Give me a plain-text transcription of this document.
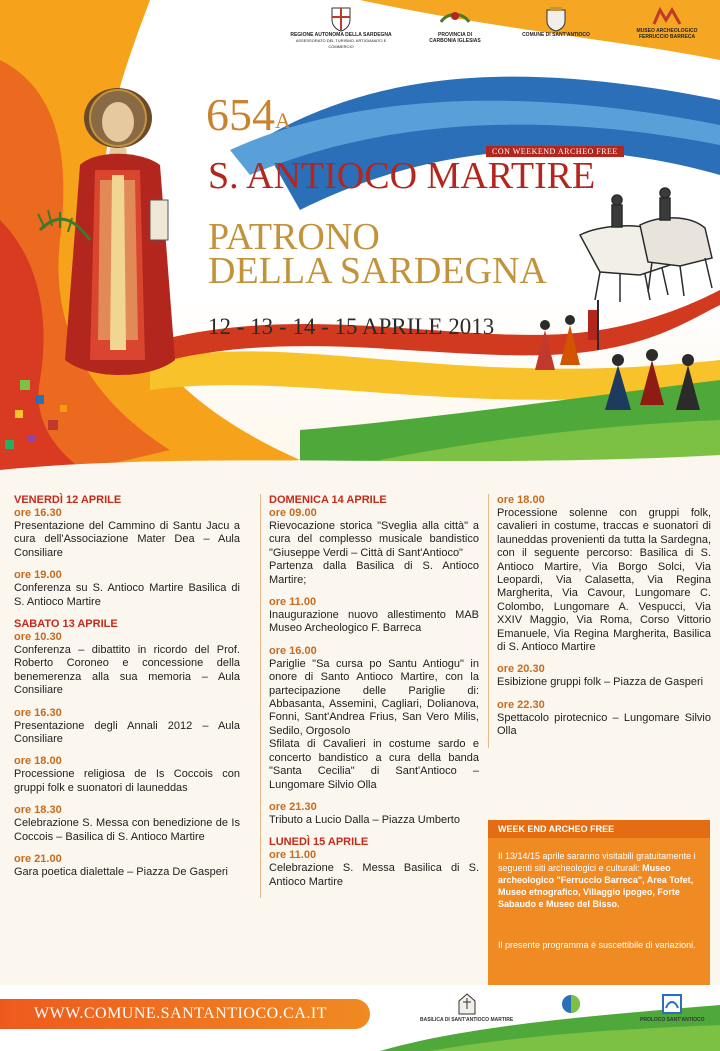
REGIONE AUTONOMA DELLA SARDEGNA
ASSESSORATO DEL TURISMO, ARTIGIANATO E COMMERCIO
PROVINCIA DI
CARBONIA IGLESIAS
COMUNE DI SANT'ANTIOCO
MUSEO ARCHEOLOGICO
FERRUCCIO BARRECA
$654^A$
CON WEEKEND ARCHEO FREE
S. ANTIOCO MARTIRE
PATRONO
DELLA SARDEGNA
12 - 13 - 14 - 15 APRILE 2013
VENERDÌ 12 APRILE
ore 16.30
Presentazione del Cammino di Santu Jacu a cura dell'Associazione Mater Dea – Aula Consiliare
ore 19.00
Conferenza su S. Antioco Martire Basilica di S. Antioco Martire
SABATO 13 APRILE
ore 10.30
Conferenza – dibattito in ricordo del Prof. Roberto Coroneo e concessione della benemerenza alla sua memoria – Aula Consiliare
ore 16.30
Presentazione degli Annali 2012 – Aula Consiliare
ore 18.00
Processione religiosa de Is Coccois con gruppi folk e suonatori di launeddas
ore 18.30
Celebrazione S. Messa con benedizione de Is Coccois – Basilica di S. Antioco Martire
ore 21.00
Gara poetica dialettale – Piazza De Gasperi
DOMENICA 14 APRILE
ore 09.00
Rievocazione storica "Sveglia alla città" a cura del complesso musicale bandistico "Giuseppe Verdi – Città di Sant'Antioco"
Partenza dalla Basilica di S. Antioco Martire;
ore 11.00
Inaugurazione nuovo allestimento MAB Museo Archeologico F. Barreca
ore 16.00
Pariglie "Sa cursa po Santu Antiogu" in onore di Santo Antioco Martire, con la partecipazione delle Pariglie di: Abbasanta, Assemini, Cagliari, Dolianova, Fonni, Sant'Andrea Frius, San Vero Milis, Sedilo, Orgosolo
Sfilata di Cavalieri in costume sardo e concerto bandistico a cura della banda "Santa Cecilia" di Sant'Antioco – Lungomare Silvio Olla
ore 21.30
Tributo a Lucio Dalla – Piazza Umberto
LUNEDÌ 15 APRILE
ore 11.00
Celebrazione S. Messa Basilica di S. Antioco Martire
ore 18.00
Processione solenne con gruppi folk, cavalieri in costume, traccas e suonatori di launeddas provenienti da tutta la Sardegna, con il seguente percorso: Basilica di S. Antioco Martire, Via Borgo Solci, Via Leopardi, Via Calasetta, Via Regina Margherita, Via Cavour, Lungomare C. Colombo, Lungomare A. Vespucci, Via XXIV Maggio, Via Roma, Corso Vittorio Emanuele, Via Regina Margherita, Basilica di S. Antioco Martire
ore 20.30
Esibizione gruppi folk – Piazza de Gasperi
ore 22.30
Spettacolo pirotecnico – Lungomare Silvio Olla
WEEK END ARCHEO FREE
Il 13/14/15 aprile saranno visitabili gratuitamente i seguenti siti archeologici e culturali: Museo archeologico "Ferruccio Barreca", Area Tofet, Museo etnografico, Villaggio ipogeo, Forte Sabaudo e Museo del Bisso.
Il presente programma è suscettibile di variazioni.
WWW.COMUNE.SANTANTIOCO.CA.IT	BASILICA DI SANT'ANTIOCO MARTIRE	PROLOCO SANT'ANTIOCO
